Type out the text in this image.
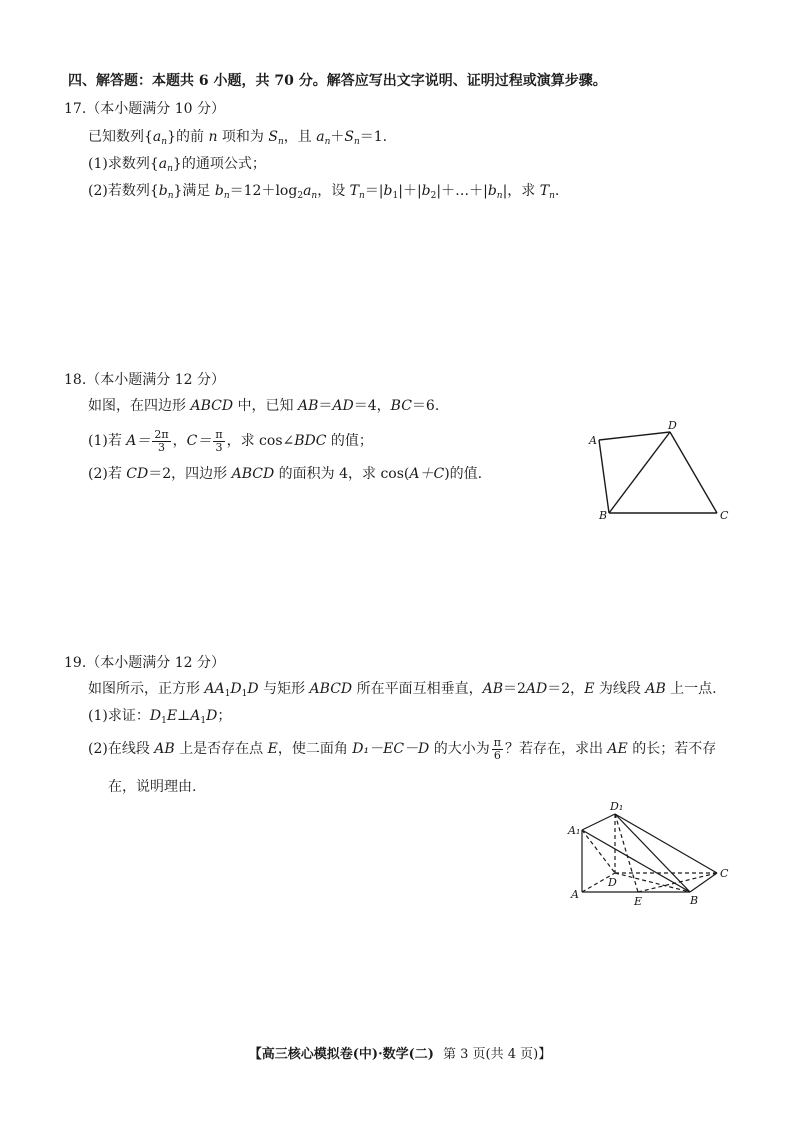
四、解答题：本题共 6 小题，共 70 分。解答应写出文字说明、证明过程或演算步骤。
17.（本小题满分 10 分）
已知数列$\{a_n\}$的前 n 项和为 $S_n$，且 $a_n+S_n=1$.
(1)求数列$\{a_n\}$的通项公式；
(2)若数列$\{b_n\}$满足 $b_n=12+\log_2a_n$，设 $T_n=|b_1|+|b_2|+\dots+|b_n|$，求 $T_n$.
18.（本小题满分 12 分）
如图，在四边形 ABCD 中，已知 AB＝AD＝4，BC＝6.
(1)若 $A= \frac{2\pi}{3}$ ，$C= \frac{\pi}{3}$ ，求 cos∠BDC 的值；
(2)若 CD＝2，四边形 ABCD 的面积为 4，求 cos(A＋C)的值.
A
D
B	C
19.（本小题满分 12 分）
如图所示，正方形 $AA_1D_1D$ 与矩形 ABCD 所在平面互相垂直，AB＝2AD＝2，E 为线段 AB 上一点.
(1)求证：$D_1E\perp A_1D$；
(2)在线段 AB 上是否存在点 E，使二面角 D₁－EC－D 的大小为 $\frac{\pi}{6}$ ？若存在，求出 AE 的长；若不存
在，说明理由.
D₁
A₁
D
C
A
E	B
【高三核心模拟卷(中)·数学(二) 第 3 页(共 4 页)】
